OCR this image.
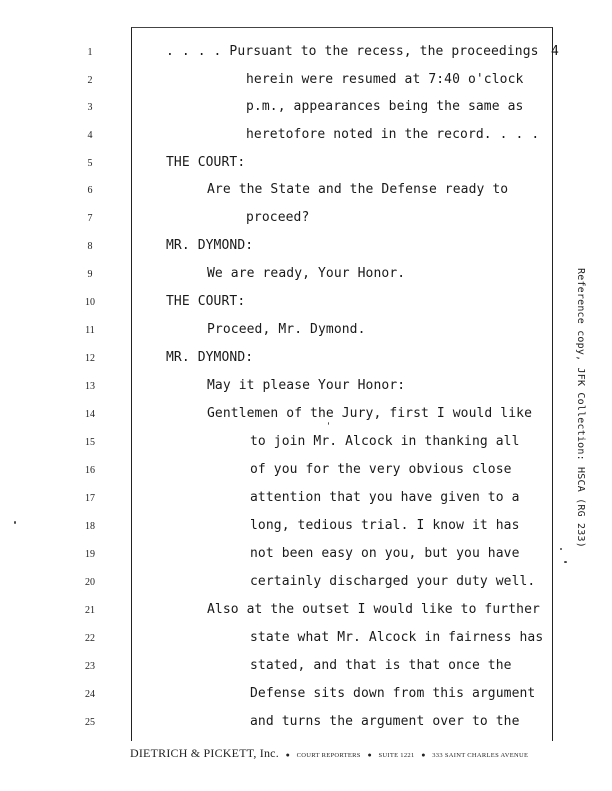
4
1	. . . . Pursuant to the recess, the proceedings
2	herein were resumed at 7:40 o'clock
3	p.m., appearances being the same as
4	heretofore noted in the record. . . .
5	THE COURT:
6	Are the State and the Defense ready to
7	proceed?
8	MR. DYMOND:
9	We are ready, Your Honor.
10	THE COURT:
11	Proceed, Mr. Dymond.
12	MR. DYMOND:
13	May it please Your Honor:
14	Gentlemen of the Jury, first I would like
15	to join Mr. Alcock in thanking all
16	of you for the very obvious close
17	attention that you have given to a
18	long, tedious trial. I know it has
19	not been easy on you, but you have
20	certainly discharged your duty well.
21	Also at the outset I would like to further
22	state what Mr. Alcock in fairness has
23	stated, and that is that once the
24	Defense sits down from this argument
25	and turns the argument over to the
Reference copy, JFK Collection: HSCA (RG 233)
DIETRICH & PICKETT, Inc. ● COURT REPORTERS ● SUITE 1221 ● 333 SAINT CHARLES AVENUE
